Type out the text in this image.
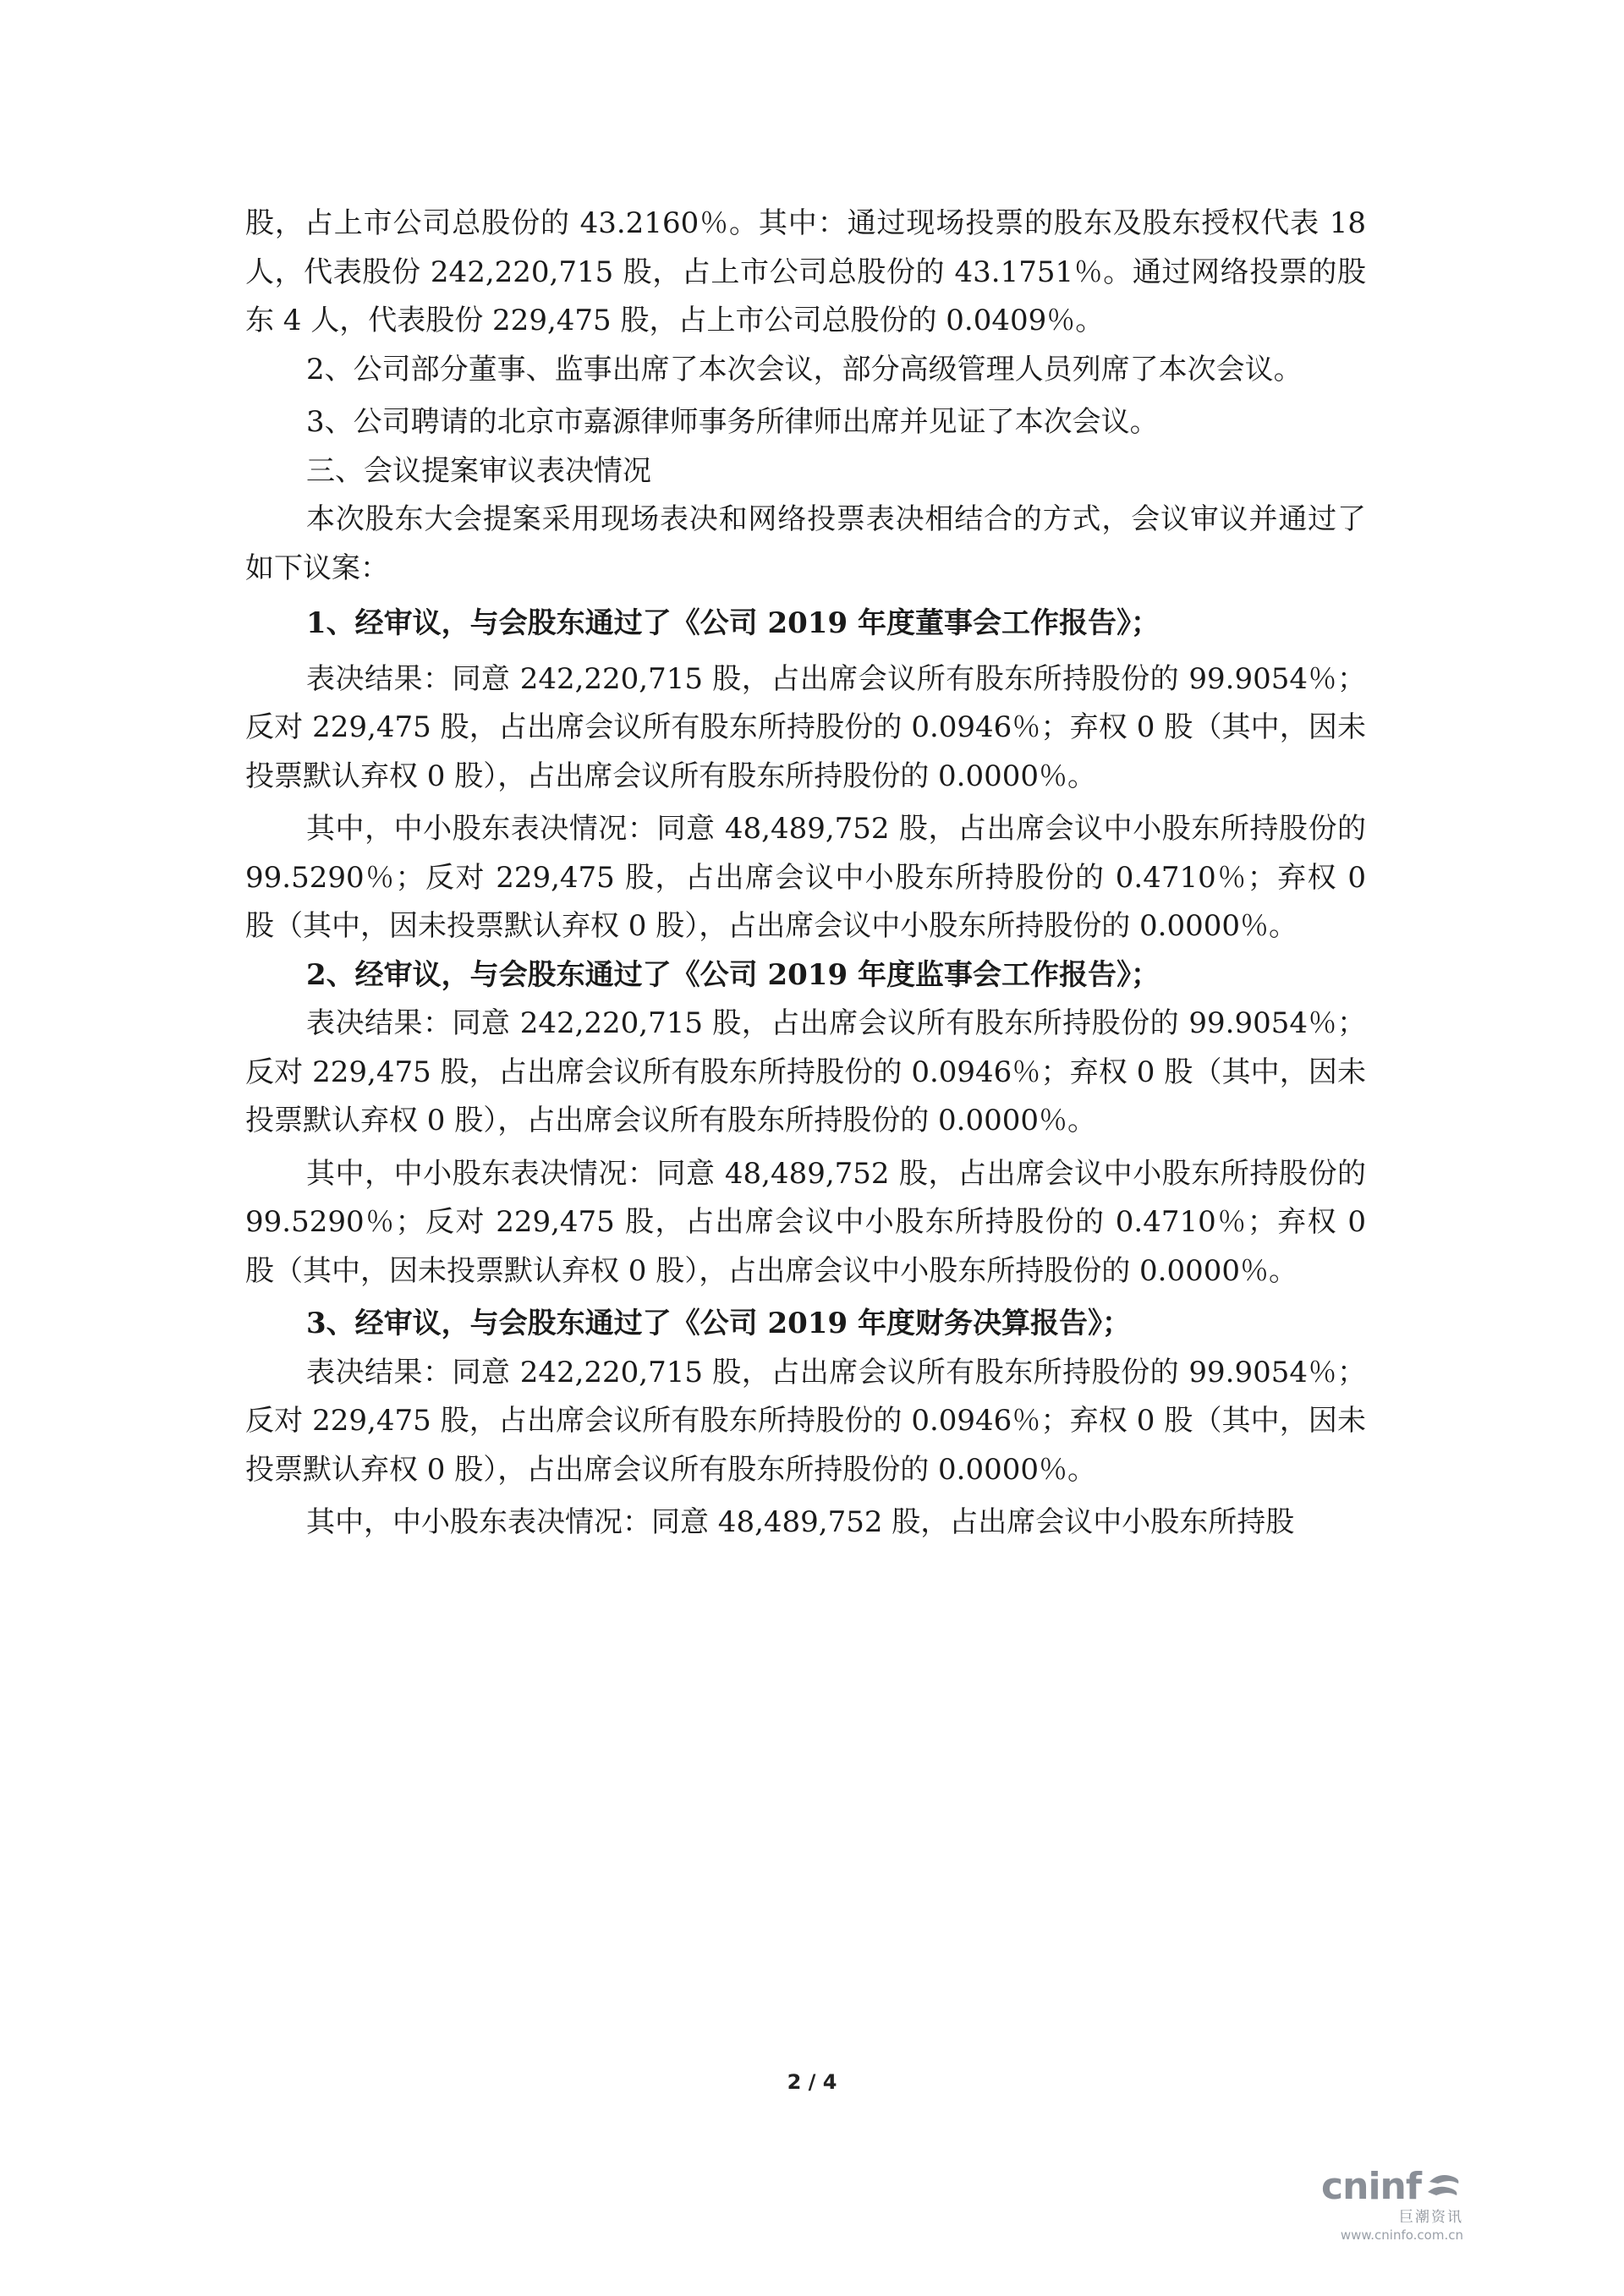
股，占上市公司总股份的 43.2160％。其中：通过现场投票的股东及股东授权代表 18 人，代表股份 242,220,715 股，占上市公司总股份的 43.1751％。通过网络投票的股东 4 人，代表股份 229,475 股，占上市公司总股份的 0.0409％。

2、公司部分董事、监事出席了本次会议，部分高级管理人员列席了本次会议。

3、公司聘请的北京市嘉源律师事务所律师出席并见证了本次会议。

三、会议提案审议表决情况

本次股东大会提案采用现场表决和网络投票表决相结合的方式，会议审议并通过了如下议案：

1、经审议，与会股东通过了《公司 2019 年度董事会工作报告》；

表决结果：同意 242,220,715 股，占出席会议所有股东所持股份的 99.9054％；反对 229,475 股，占出席会议所有股东所持股份的 0.0946％；弃权 0 股（其中，因未投票默认弃权 0 股），占出席会议所有股东所持股份的 0.0000％。

其中，中小股东表决情况：同意 48,489,752 股，占出席会议中小股东所持股份的 99.5290％；反对 229,475 股，占出席会议中小股东所持股份的 0.4710％；弃权 0 股（其中，因未投票默认弃权 0 股），占出席会议中小股东所持股份的 0.0000％。

2、经审议，与会股东通过了《公司 2019 年度监事会工作报告》；

表决结果：同意 242,220,715 股，占出席会议所有股东所持股份的 99.9054％；反对 229,475 股，占出席会议所有股东所持股份的 0.0946％；弃权 0 股（其中，因未投票默认弃权 0 股），占出席会议所有股东所持股份的 0.0000％。

其中，中小股东表决情况：同意 48,489,752 股，占出席会议中小股东所持股份的 99.5290％；反对 229,475 股，占出席会议中小股东所持股份的 0.4710％；弃权 0 股（其中，因未投票默认弃权 0 股），占出席会议中小股东所持股份的 0.0000％。

3、经审议，与会股东通过了《公司 2019 年度财务决算报告》；

表决结果：同意 242,220,715 股，占出席会议所有股东所持股份的 99.9054％；反对 229,475 股，占出席会议所有股东所持股份的 0.0946％；弃权 0 股（其中，因未投票默认弃权 0 股），占出席会议所有股东所持股份的 0.0000％。

其中，中小股东表决情况：同意 48,489,752 股，占出席会议中小股东所持股

2 / 4
cninf
巨潮资讯
www.cninfo.com.cn
